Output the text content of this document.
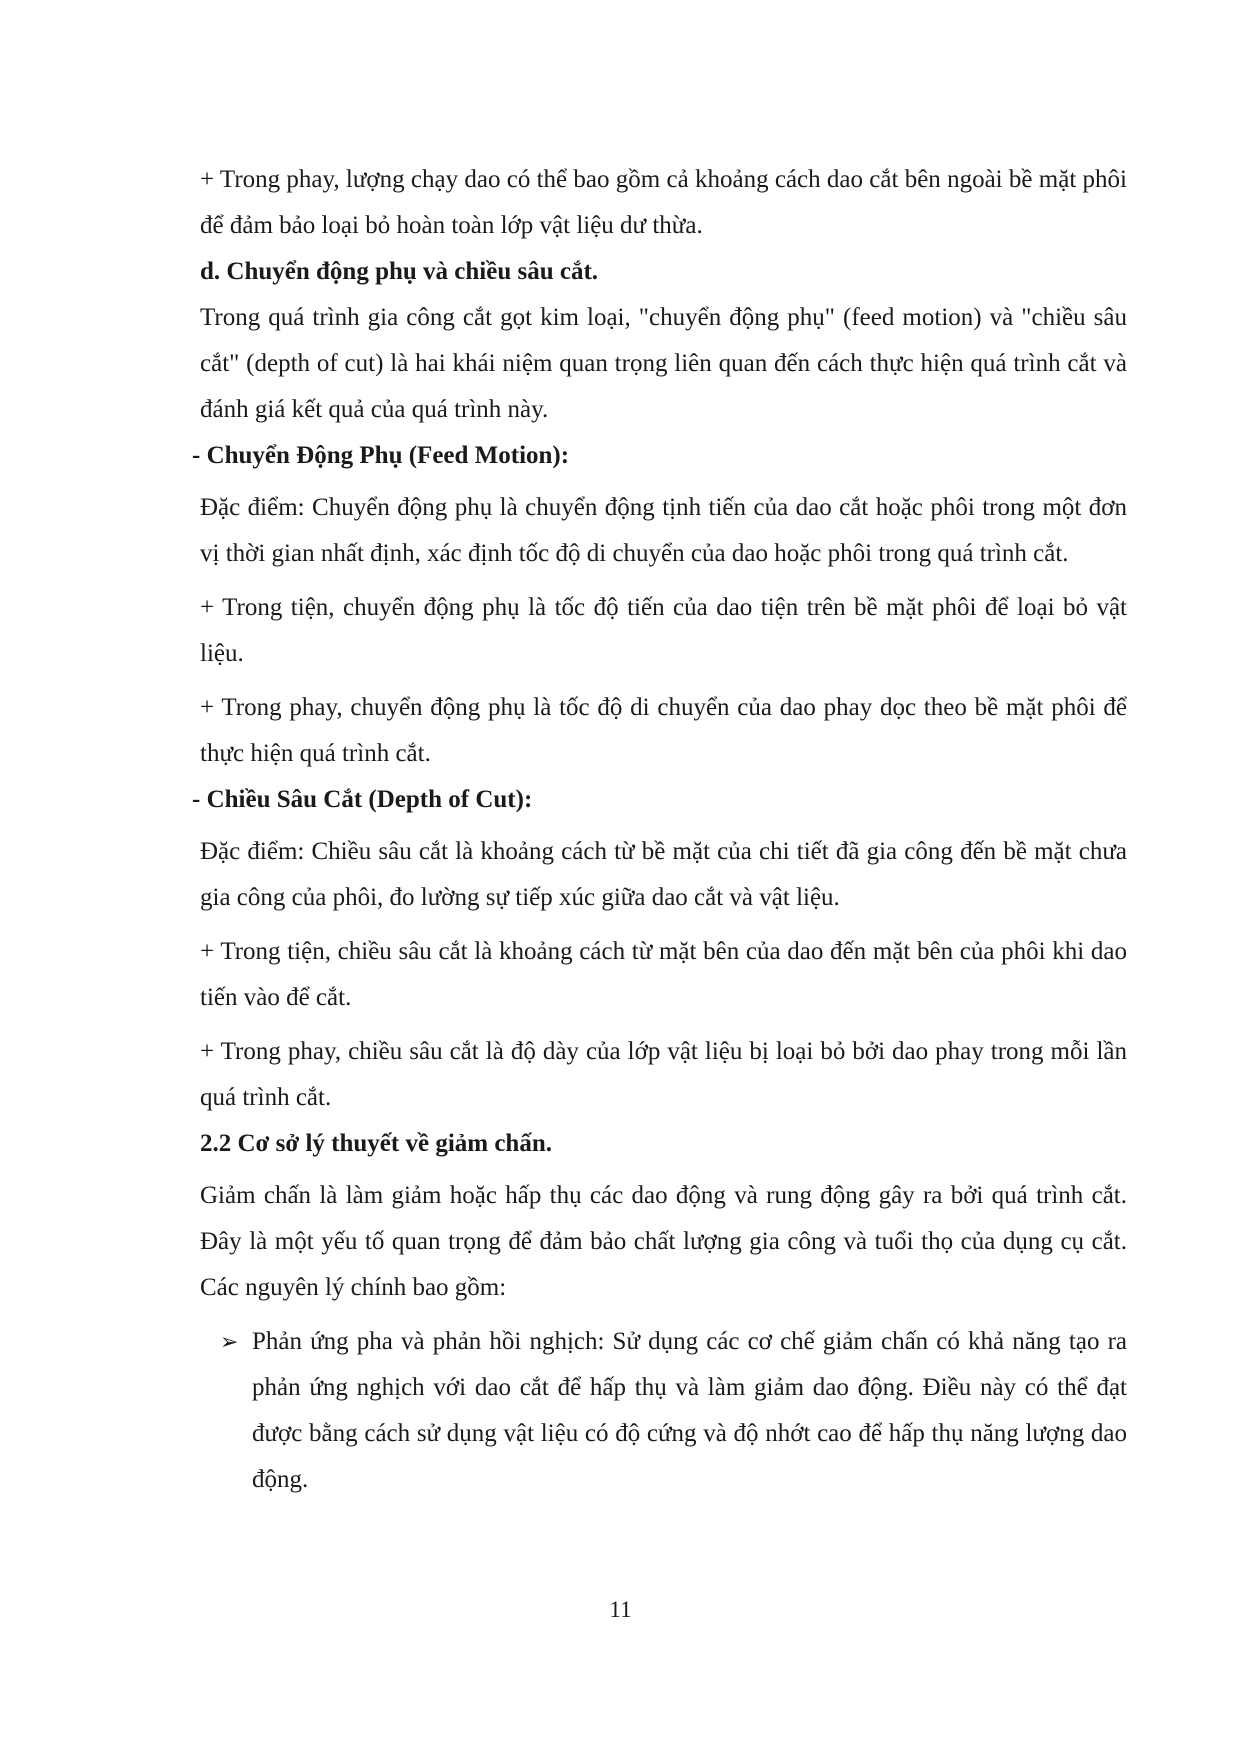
+ Trong phay, lượng chạy dao có thể bao gồm cả khoảng cách dao cắt bên ngoài bề mặt phôi để đảm bảo loại bỏ hoàn toàn lớp vật liệu dư thừa.

d. Chuyển động phụ và chiều sâu cắt.

Trong quá trình gia công cắt gọt kim loại, "chuyển động phụ" (feed motion) và "chiều sâu cắt" (depth of cut) là hai khái niệm quan trọng liên quan đến cách thực hiện quá trình cắt và đánh giá kết quả của quá trình này.

- Chuyển Động Phụ (Feed Motion):

Đặc điểm: Chuyển động phụ là chuyển động tịnh tiến của dao cắt hoặc phôi trong một đơn vị thời gian nhất định, xác định tốc độ di chuyển của dao hoặc phôi trong quá trình cắt.

+ Trong tiện, chuyển động phụ là tốc độ tiến của dao tiện trên bề mặt phôi để loại bỏ vật liệu.

+ Trong phay, chuyển động phụ là tốc độ di chuyển của dao phay dọc theo bề mặt phôi để thực hiện quá trình cắt.

- Chiều Sâu Cắt (Depth of Cut):

Đặc điểm: Chiều sâu cắt là khoảng cách từ bề mặt của chi tiết đã gia công đến bề mặt chưa gia công của phôi, đo lường sự tiếp xúc giữa dao cắt và vật liệu.

+ Trong tiện, chiều sâu cắt là khoảng cách từ mặt bên của dao đến mặt bên của phôi khi dao tiến vào để cắt.

+ Trong phay, chiều sâu cắt là độ dày của lớp vật liệu bị loại bỏ bởi dao phay trong mỗi lần quá trình cắt.

2.2 Cơ sở lý thuyết về giảm chấn.

Giảm chấn là làm giảm hoặc hấp thụ các dao động và rung động gây ra bởi quá trình cắt. Đây là một yếu tố quan trọng để đảm bảo chất lượng gia công và tuổi thọ của dụng cụ cắt. Các nguyên lý chính bao gồm:

➢ Phản ứng pha và phản hồi nghịch: Sử dụng các cơ chế giảm chấn có khả năng tạo ra phản ứng nghịch với dao cắt để hấp thụ và làm giảm dao động. Điều này có thể đạt được bằng cách sử dụng vật liệu có độ cứng và độ nhớt cao để hấp thụ năng lượng dao động.

11
